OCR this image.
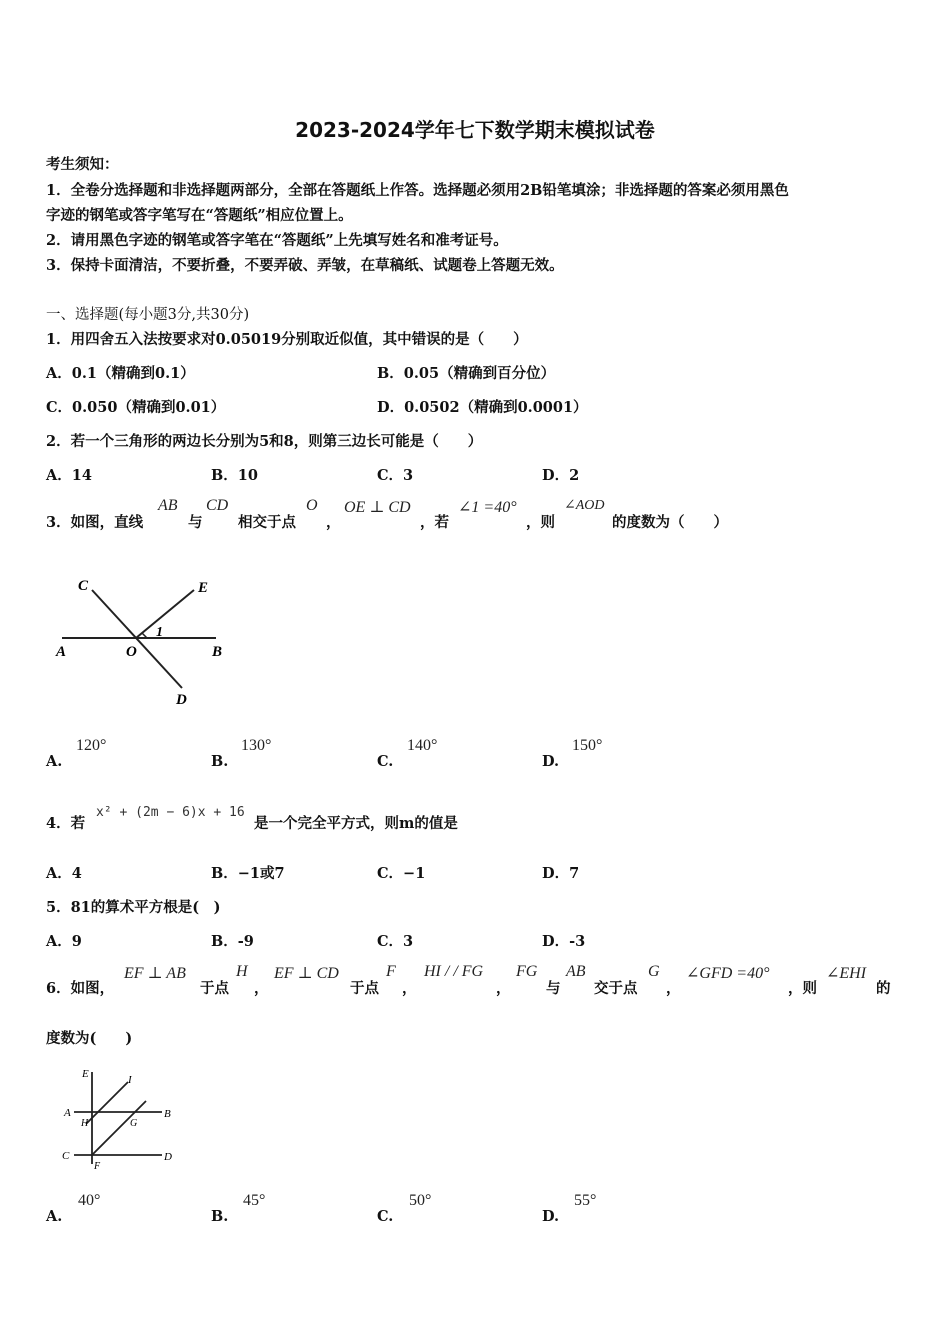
2023-2024学年七下数学期末模拟试卷
考生须知：
1．全卷分选择题和非选择题两部分，全部在答题纸上作答。选择题必须用2B铅笔填涂；非选择题的答案必须用黑色
字迹的钢笔或答字笔写在“答题纸”相应位置上。
2．请用黑色字迹的钢笔或答字笔在“答题纸”上先填写姓名和准考证号。
3．保持卡面清洁，不要折叠，不要弄破、弄皱，在草稿纸、试题卷上答题无效。
一、选择题(每小题3分,共30分)
1．用四舍五入法按要求对0.05019分别取近似值，其中错误的是（　　）
A．0.1（精确到0.1）	B．0.05（精确到百分位）
C．0.050（精确到0.01）	D．0.0502（精确到0.0001）
2．若一个三角形的两边长分别为5和8，则第三边长可能是（　　）
A．14	B．10	C．3	D．2
3．如图，直线
AB
与
CD
相交于点
O
，
OE ⊥ CD
，若
∠1 =40°
，则
∠AOD
的度数为（　　）
C	E
A	O
1
B
D
A.
120°
B.
130°
C.
140°
D.
150°
4．若
x² + (2m − 6)x + 16
是一个完全平方式，则m的值是
A．4	B．−1或7	C．−1	D．7
5．81的算术平方根是(　)
A．9	B．-9	C．3	D．-3
6．如图，
EF ⊥ AB
于点
H
，
EF ⊥ CD
于点
F
，
HI / / FG
，
FG
与
AB
交于点
G
，
∠GFD =40°
，则
∠EHI
的
度数为(　　)
E	I
A	B
H	G
C
F
D
A.
40°
B.
45°
C.
50°
D.
55°
